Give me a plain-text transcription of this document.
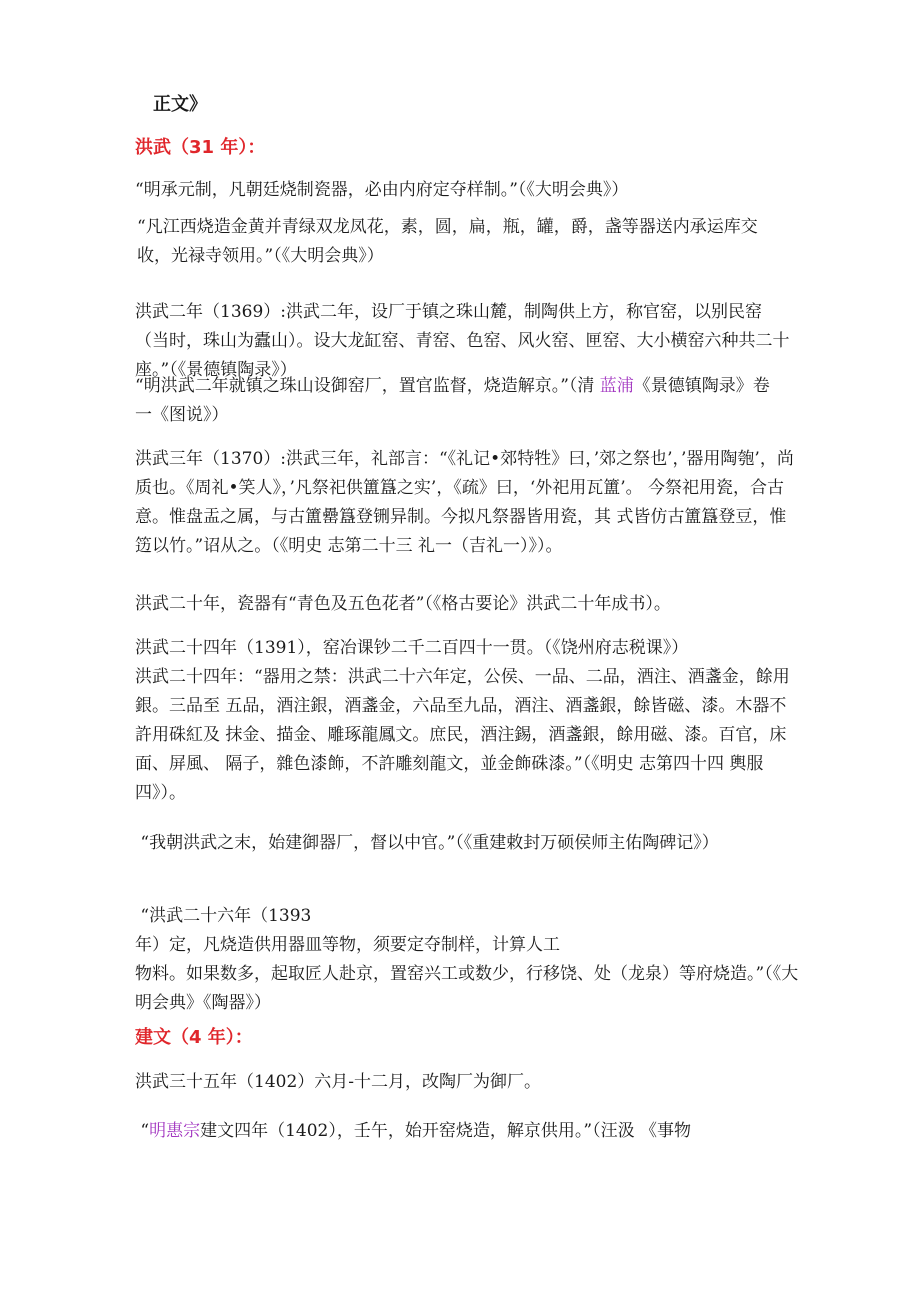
正文》
洪武（31 年）：

“明承元制，凡朝廷烧制瓷器，必由内府定夺样制。”（《大明会典》）

“凡江西烧造金黄并青绿双龙凤花，素，圆，扁，瓶，罐，爵，盏等器送内承运库交收，光禄寺领用。”（《大明会典》）

洪武二年（1369）:洪武二年，设厂于镇之珠山麓，制陶供上方，称官窑，以别民窑（当时，珠山为蠹山）。设大龙缸窑、青窑、色窑、风火窑、匣窑、大小横窑六种共二十座。”（《景德镇陶录》）

“明洪武二年就镇之珠山设御窑厂，置官监督，烧造解京。”（清 蓝浦《景德镇陶录》卷一《图说》）

洪武三年（1370）:洪武三年，礼部言：“《礼记•郊特牲》曰，’郊之祭也’，’器用陶匏’，尚质也。《周礼•笑人》，’凡祭祀供簠簋之实’，《疏》曰，‘外祀用瓦簠’。 今祭祀用瓷，合古意。惟盘盂之属，与古簠罍簋登铏异制。今拟凡祭器皆用瓷，其 式皆仿古簠簋登豆，惟笾以竹。”诏从之。（《明史 志第二十三 礼一（吉礼一）》）。

洪武二十年，瓷器有“青色及五色花者”（《格古要论》洪武二十年成书）。

洪武二十四年（1391），窑冶课钞二千二百四十一贯。（《饶州府志税课》）

洪武二十四年：“器用之禁：洪武二十六年定，公侯、一品、二品，酒注、酒盞金，餘用銀。三品至 五品，酒注銀，酒盞金，六品至九品，酒注、酒盞銀，餘皆磁、漆。木器不許用硃紅及 抹金、描金、雕琢龍鳳文。庶民，酒注錫，酒盞銀，餘用磁、漆。百官，床面、屏風、 隔子，雜色漆飾，不許雕刻龍文，並金飾硃漆。”（《明史 志第四十四 輿服四》）。

“我朝洪武之末，始建御器厂，督以中官。”（《重建敕封万硕侯师主佑陶碑记》）

“洪武二十六年（1393
年）定，凡烧造供用器皿等物，须要定夺制样，计算人工
物料。如果数多，起取匠人赴京，置窑兴工或数少，行移饶、处（龙泉）等府烧造。”（《大明会典》《陶器》）
建文（4 年）：

洪武三十五年（1402）六月-十二月，改陶厂为御厂。

“明惠宗建文四年（1402），壬午，始开窑烧造，解京供用。”（汪汲 《事物
